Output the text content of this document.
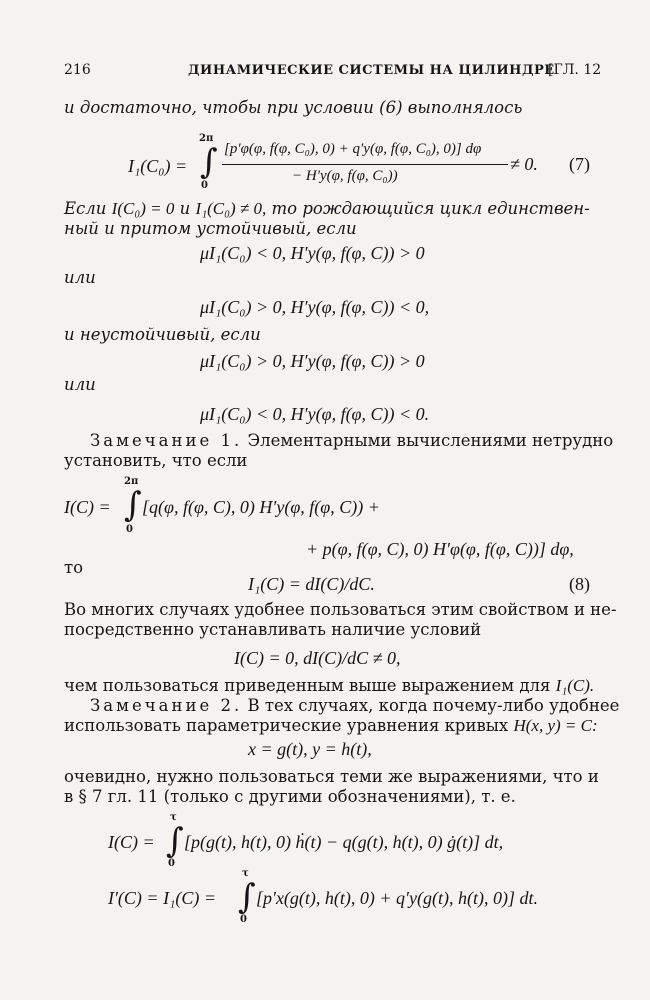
216	ДИНАМИЧЕСКИЕ СИСТЕМЫ НА ЦИЛИНДРЕ
[ГЛ. 12
и достаточно, чтобы при условии (6) выполнялось
I₁(C₀) = ∫
2π
0
[p′φ(φ, f(φ, C₀), 0) + q′y(φ, f(φ, C₀), 0)] dφ
− H′y(φ, f(φ, C₀))
≠ 0. (7)
Если I(C₀) = 0 и I₁(C₀) ≠ 0, то рождающийся цикл единствен-
ный и притом устойчивый, если
μI₁(C₀) < 0, H′y(φ, f(φ, C)) > 0
или
μI₁(C₀) > 0, H′y(φ, f(φ, C)) < 0,
и неустойчивый, если
μI₁(C₀) > 0, H′y(φ, f(φ, C)) > 0
или
μI₁(C₀) < 0, H′y(φ, f(φ, C)) < 0.
Замечание 1. Элементарными вычислениями нетрудно
установить, что если
I(C) = ∫
2π
0
[q(φ, f(φ, C), 0) H′y(φ, f(φ, C)) +
+ p(φ, f(φ, C), 0) H′φ(φ, f(φ, C))] dφ,
то
I₁(C) = dI(C)/dC.	(8)
Во многих случаях удобнее пользоваться этим свойством и не-
посредственно устанавливать наличие условий
I(C) = 0, dI(C)/dC ≠ 0,
чем пользоваться приведенным выше выражением для I₁(C).
Замечание 2. В тех случаях, когда почему-либо удобнее
использовать параметрические уравнения кривых H(x, y) = C:
x = g(t), y = h(t),
очевидно, нужно пользоваться теми же выражениями, что и
в § 7 гл. 11 (только с другими обозначениями), т. е.
I(C) = ∫
τ
0
[p(g(t), h(t), 0) ḣ(t) − q(g(t), h(t), 0) ġ(t)] dt,
I′(C) = I₁(C) = ∫
τ
0
[p′x(g(t), h(t), 0) + q′y(g(t), h(t), 0)] dt.
